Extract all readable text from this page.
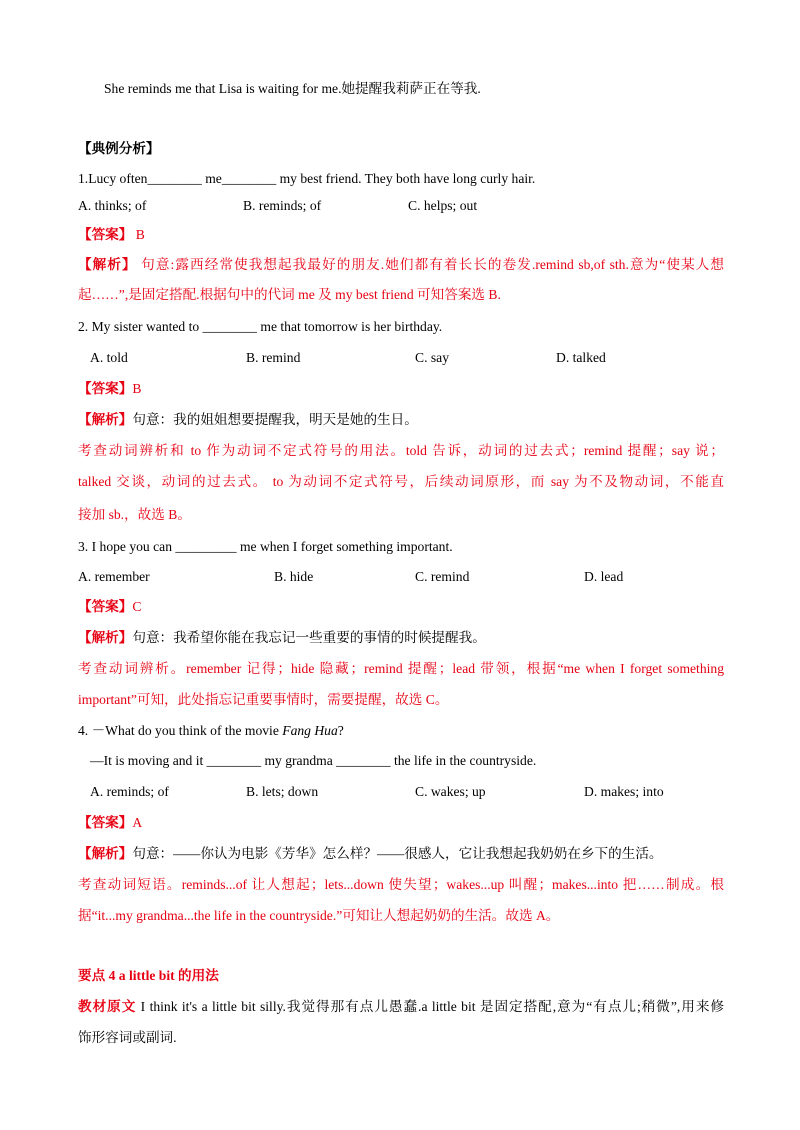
She reminds me that Lisa is waiting for me.她提醒我莉萨正在等我.
【典例分析】
1.Lucy often________ me________ my best friend. They both have long curly hair.
A. thinks; of	B. reminds; of	C. helps; out
【答案】 B
【解析】 句意:露西经常使我想起我最好的朋友.她们都有着长长的卷发.remind sb,of sth.意为“使某人想
起……”,是固定搭配.根据句中的代词 me 及 my best friend 可知答案选 B.
2. My sister wanted to ________ me that tomorrow is her birthday.
A. told	B. remind	C. say	D. talked
【答案】B
【解析】句意：我的姐姐想要提醒我，明天是她的生日。
考查动词辨析和 to 作为动词不定式符号的用法。told 告诉，动词的过去式；remind 提醒；say 说；
talked 交谈，动词的过去式。 to 为动词不定式符号，后续动词原形，而 say 为不及物动词，不能直
接加 sb.，故选 B。
3. I hope you can _________ me when I forget something important.
A. remember	B. hide	C. remind	D. lead
【答案】C
【解析】句意：我希望你能在我忘记一些重要的事情的时候提醒我。
考查动词辨析。remember 记得；hide 隐藏；remind 提醒；lead 带领，根据“me when I forget something
important”可知，此处指忘记重要事情时，需要提醒，故选 C。
4. －What do you think of the movie Fang Hua?
—It is moving and it ________ my grandma ________ the life in the countryside.
A. reminds; of	B. lets; down	C. wakes; up	D. makes; into
【答案】A
【解析】句意：——你认为电影《芳华》怎么样？——很感人，它让我想起我奶奶在乡下的生活。
考查动词短语。reminds...of 让人想起；lets...down 使失望；wakes...up 叫醒；makes...into 把……制成。根
据“it...my grandma...the life in the countryside.”可知让人想起奶奶的生活。故选 A。
要点 4 a little bit 的用法
教材原文 I think it's a little bit silly.我觉得那有点儿愚蠢.a little bit 是固定搭配,意为“有点儿;稍微”,用来修
饰形容词或副词.
